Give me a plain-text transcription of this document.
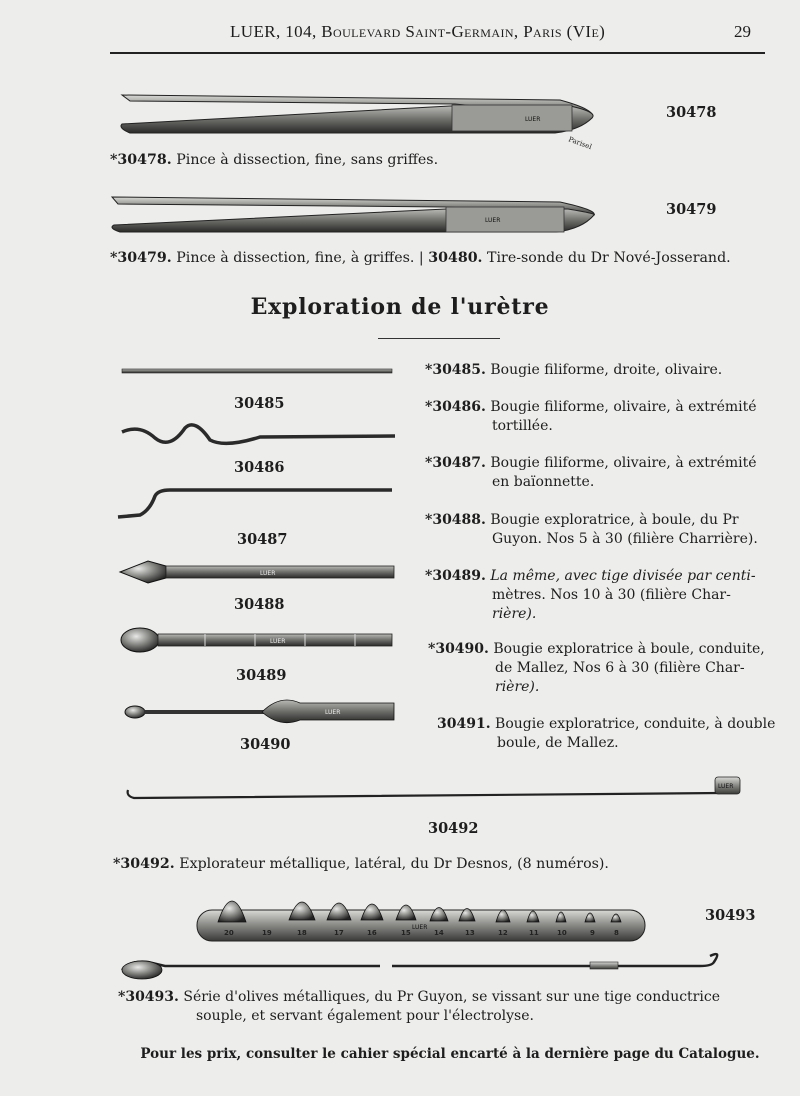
LUER, 104, Boulevard Saint-Germain, Paris (VIe)	29
LUER
Parisel
LUER
LUER
LUER
LUER
LUER
20	19	18	17	16	15	14	13	12	11	10	9	8
LUER
30478
30479
*30478. Pince à dissection, fine, sans griffes.
*30479. Pince à dissection, fine, à griffes. | 30480. Tire-sonde du Dr Nové-Josserand.
Exploration de l'urètre
30485
30486
30487
30488
30489
30490
30492
30493
*30485. Bougie filiforme, droite, olivaire.
*30486. Bougie filiforme, olivaire, à extrémité
tortillée.
*30487. Bougie filiforme, olivaire, à extrémité
en baïonnette.
*30488. Bougie exploratrice, à boule, du Pr
Guyon. Nos 5 à 30 (filière Charrière).
*30489. La même, avec tige divisée par centi-
mètres. Nos 10 à 30 (filière Char-
rière).
*30490. Bougie exploratrice à boule, conduite,
de Mallez, Nos 6 à 30 (filière Char-
rière).
30491. Bougie exploratrice, conduite, à double
boule, de Mallez.
*30492. Explorateur métallique, latéral, du Dr Desnos, (8 numéros).
*30493. Série d'olives métalliques, du Pr Guyon, se vissant sur une tige conductrice
souple, et servant également pour l'électrolyse.
Pour les prix, consulter le cahier spécial encarté à la dernière page du Catalogue.
